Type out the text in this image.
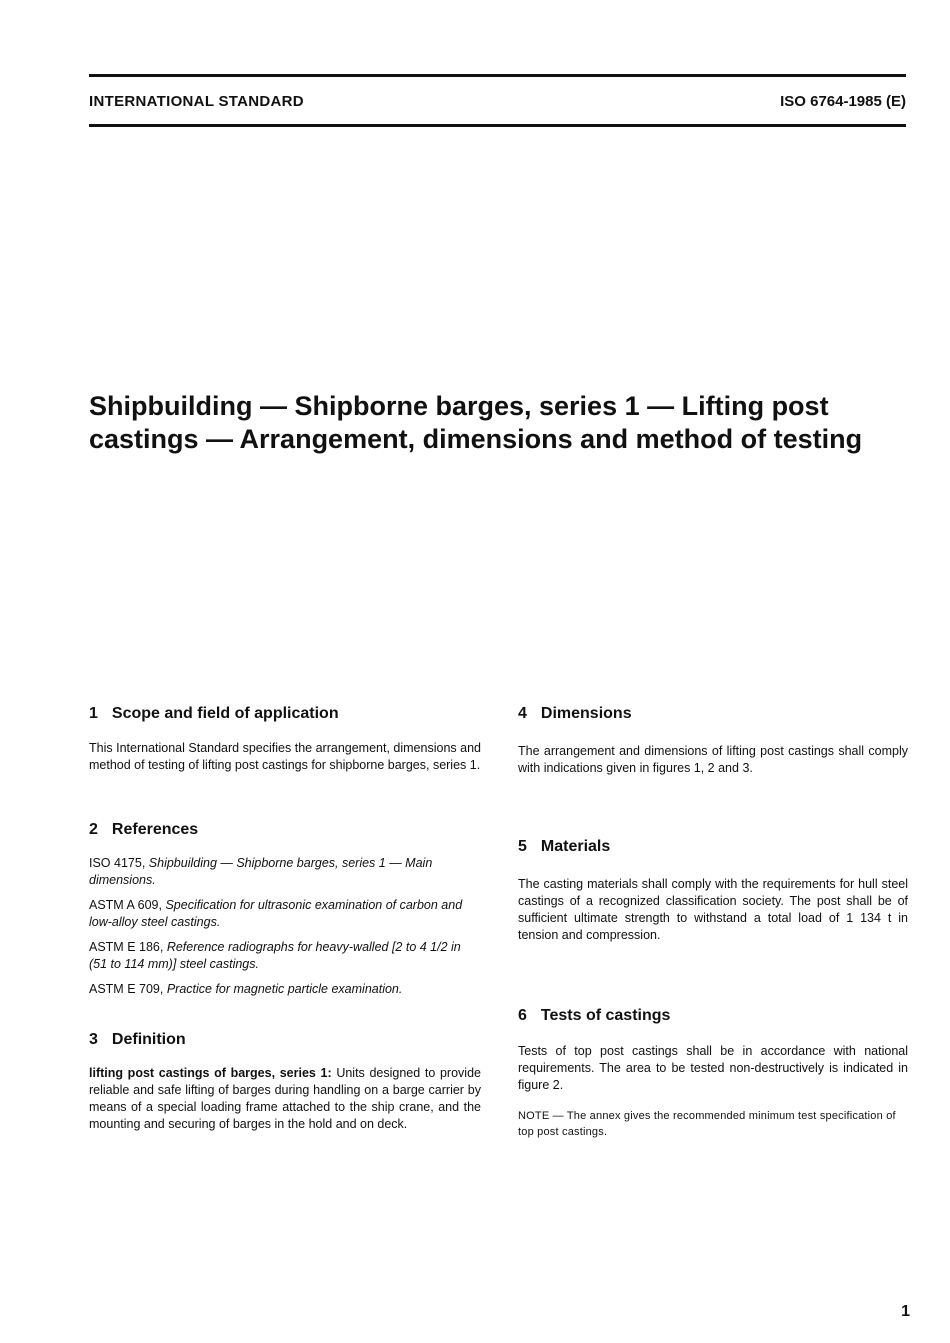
INTERNATIONAL STANDARD	ISO 6764-1985 (E)
Shipbuilding — Shipborne barges, series 1 — Lifting post castings — Arrangement, dimensions and method of testing
1 Scope and field of application

This International Standard specifies the arrangement, dimensions and method of testing of lifting post castings for shipborne barges, series 1.

2 References

ISO 4175, Shipbuilding — Shipborne barges, series 1 — Main dimensions.

ASTM A 609, Specification for ultrasonic examination of carbon and low-alloy steel castings.

ASTM E 186, Reference radiographs for heavy-walled [2 to 4 1/2 in (51 to 114 mm)] steel castings.

ASTM E 709, Practice for magnetic particle examination.

3 Definition

lifting post castings of barges, series 1: Units designed to provide reliable and safe lifting of barges during handling on a barge carrier by means of a special loading frame attached to the ship crane, and the mounting and securing of barges in the hold and on deck.

4 Dimensions

The arrangement and dimensions of lifting post castings shall comply with indications given in figures 1, 2 and 3.

5 Materials

The casting materials shall comply with the requirements for hull steel castings of a recognized classification society. The post shall be of sufficient ultimate strength to withstand a total load of 1 134 t in tension and compression.

6 Tests of castings

Tests of top post castings shall be in accordance with national requirements. The area to be tested non-destructively is indicated in figure 2.

NOTE — The annex gives the recommended minimum test specification of top post castings.

1
